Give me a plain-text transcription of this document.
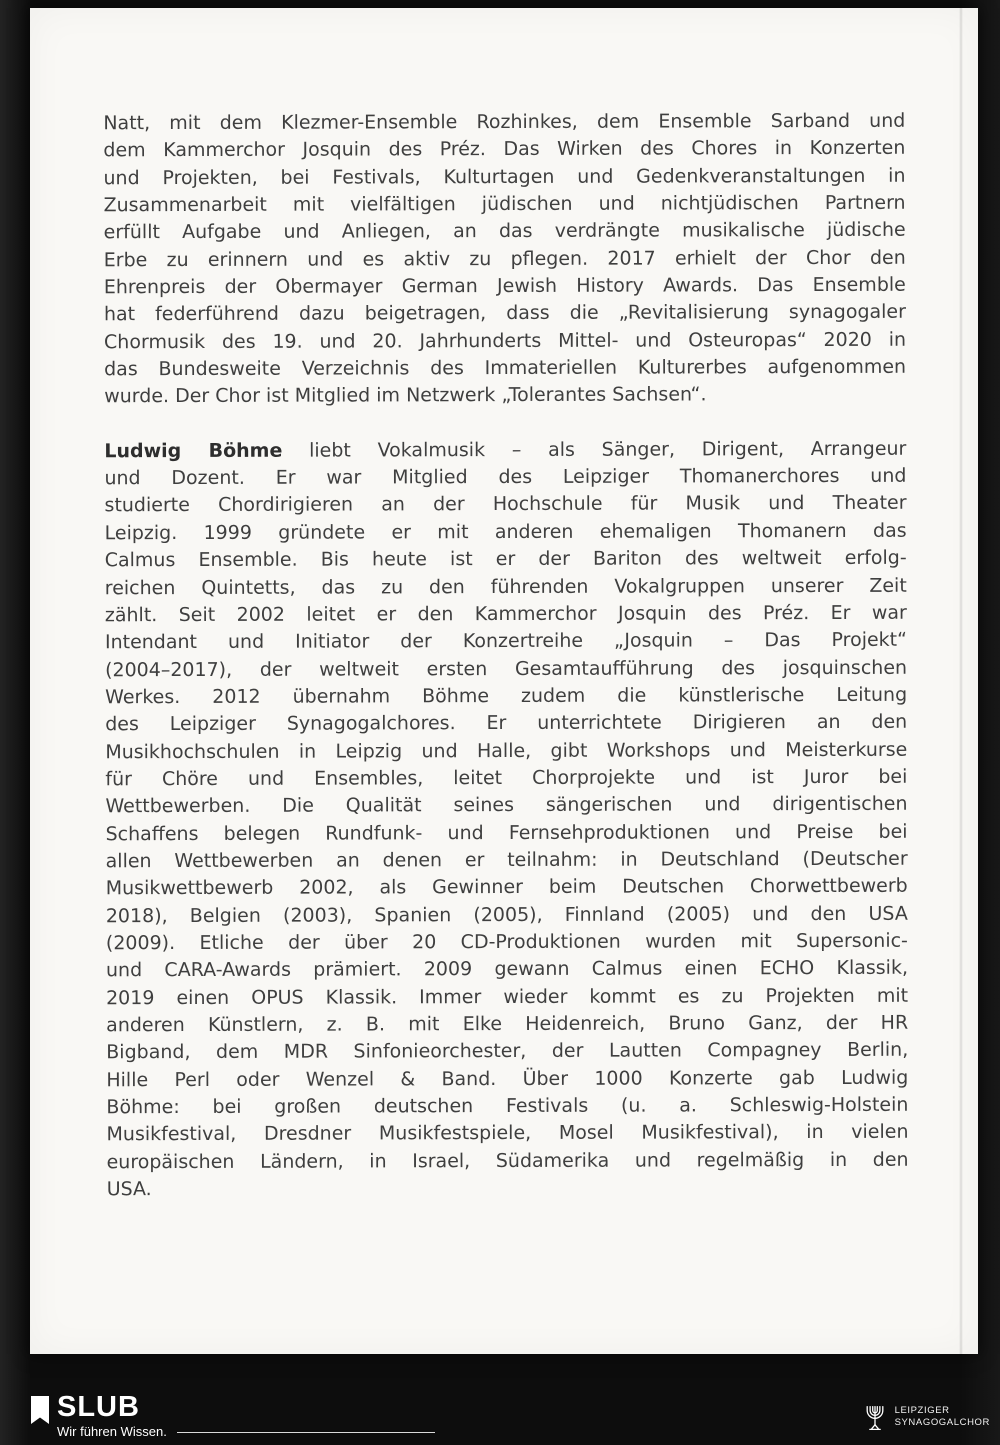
Natt, mit dem Klezmer-Ensemble Rozhinkes, dem Ensemble Sarband und
dem Kammerchor Josquin des Préz. Das Wirken des Chores in Konzerten
und Projekten, bei Festivals, Kulturtagen und Gedenkveranstaltungen in
Zusammenarbeit mit vielfältigen jüdischen und nichtjüdischen Partnern
erfüllt Aufgabe und Anliegen, an das verdrängte musikalische jüdische
Erbe zu erinnern und es aktiv zu pflegen. 2017 erhielt der Chor den
Ehrenpreis der Obermayer German Jewish History Awards. Das Ensemble
hat federführend dazu beigetragen, dass die „Revitalisierung synagogaler
Chormusik des 19. und 20. Jahrhunderts Mittel- und Osteuropas“ 2020 in
das Bundesweite Verzeichnis des Immateriellen Kulturerbes aufgenommen
wurde. Der Chor ist Mitglied im Netzwerk „Tolerantes Sachsen“.
Ludwig Böhme liebt Vokalmusik – als Sänger, Dirigent, Arrangeur
und Dozent. Er war Mitglied des Leipziger Thomanerchores und
studierte Chordirigieren an der Hochschule für Musik und Theater
Leipzig. 1999 gründete er mit anderen ehemaligen Thomanern das
Calmus Ensemble. Bis heute ist er der Bariton des weltweit erfolg-
reichen Quintetts, das zu den führenden Vokalgruppen unserer Zeit
zählt. Seit 2002 leitet er den Kammerchor Josquin des Préz. Er war
Intendant und Initiator der Konzertreihe „Josquin – Das Projekt“
(2004–2017), der weltweit ersten Gesamtaufführung des josquinschen
Werkes. 2012 übernahm Böhme zudem die künstlerische Leitung
des Leipziger Synagogalchores. Er unterrichtete Dirigieren an den
Musikhochschulen in Leipzig und Halle, gibt Workshops und Meisterkurse
für Chöre und Ensembles, leitet Chorprojekte und ist Juror bei
Wettbewerben. Die Qualität seines sängerischen und dirigentischen
Schaffens belegen Rundfunk- und Fernsehproduktionen und Preise bei
allen Wettbewerben an denen er teilnahm: in Deutschland (Deutscher
Musikwettbewerb 2002, als Gewinner beim Deutschen Chorwettbewerb
2018), Belgien (2003), Spanien (2005), Finnland (2005) und den USA
(2009). Etliche der über 20 CD-Produktionen wurden mit Supersonic-
und CARA-Awards prämiert. 2009 gewann Calmus einen ECHO Klassik,
2019 einen OPUS Klassik. Immer wieder kommt es zu Projekten mit
anderen Künstlern, z. B. mit Elke Heidenreich, Bruno Ganz, der HR
Bigband, dem MDR Sinfonieorchester, der Lautten Compagney Berlin,
Hille Perl oder Wenzel & Band. Über 1000 Konzerte gab Ludwig
Böhme: bei großen deutschen Festivals (u. a. Schleswig-Holstein
Musikfestival, Dresdner Musikfestspiele, Mosel Musikfestival), in vielen
europäischen Ländern, in Israel, Südamerika und regelmäßig in den
USA.
SLUB
Wir führen Wissen.
LEIPZIGER
SYNAGOGALCHOR
